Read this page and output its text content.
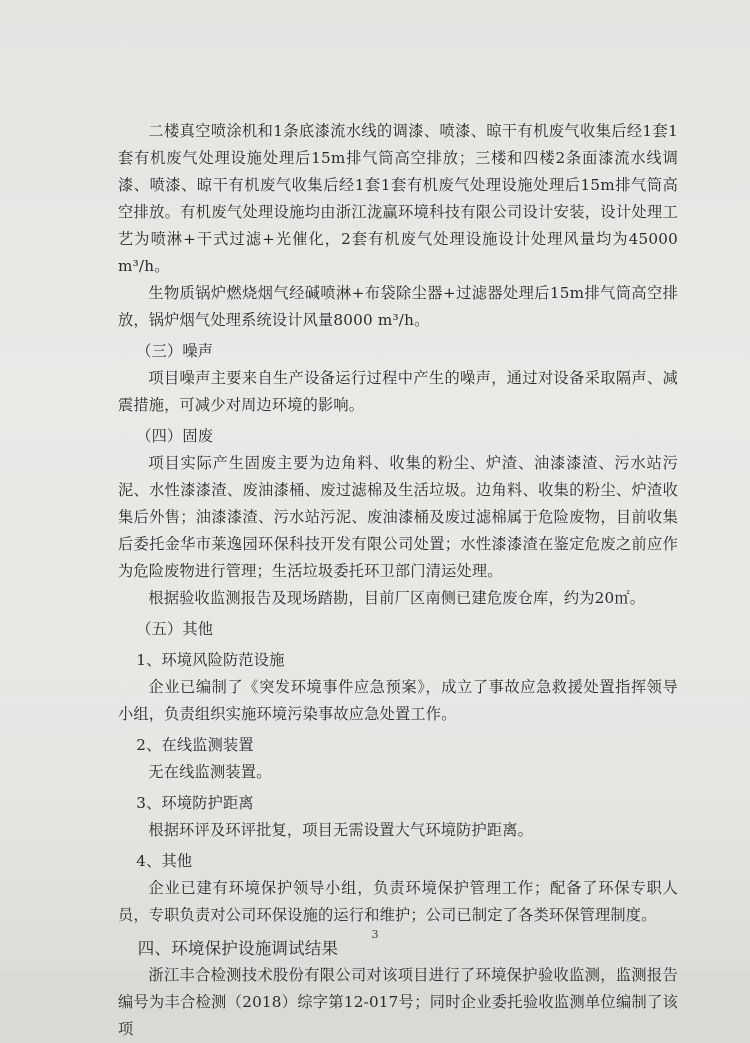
二楼真空喷涂机和1条底漆流水线的调漆、喷漆、晾干有机废气收集后经1套1套有机废气处理设施处理后15m排气筒高空排放；三楼和四楼2条面漆流水线调漆、喷漆、晾干有机废气收集后经1套1套有机废气处理设施处理后15m排气筒高空排放。有机废气处理设施均由浙江泷赢环境科技有限公司设计安装，设计处理工艺为喷淋+干式过滤+光催化，2套有机废气处理设施设计处理风量均为45000 m³/h。

生物质锅炉燃烧烟气经碱喷淋+布袋除尘器+过滤器处理后15m排气筒高空排放，锅炉烟气处理系统设计风量8000 m³/h。

（三）噪声

项目噪声主要来自生产设备运行过程中产生的噪声，通过对设备采取隔声、减震措施，可减少对周边环境的影响。

（四）固废

项目实际产生固废主要为边角料、收集的粉尘、炉渣、油漆漆渣、污水站污泥、水性漆漆渣、废油漆桶、废过滤棉及生活垃圾。边角料、收集的粉尘、炉渣收集后外售；油漆漆渣、污水站污泥、废油漆桶及废过滤棉属于危险废物，目前收集后委托金华市莱逸园环保科技开发有限公司处置；水性漆漆渣在鉴定危废之前应作为危险废物进行管理；生活垃圾委托环卫部门清运处理。

根据验收监测报告及现场踏勘，目前厂区南侧已建危废仓库，约为20㎡。

（五）其他

1、环境风险防范设施

企业已编制了《突发环境事件应急预案》，成立了事故应急救援处置指挥领导小组，负责组织实施环境污染事故应急处置工作。

2、在线监测装置

无在线监测装置。

3、环境防护距离

根据环评及环评批复，项目无需设置大气环境防护距离。

4、其他

企业已建有环境保护领导小组，负责环境保护管理工作；配备了环保专职人员，专职负责对公司环保设施的运行和维护；公司已制定了各类环保管理制度。

四、环境保护设施调试结果

浙江丰合检测技术股份有限公司对该项目进行了环境保护验收监测，监测报告编号为丰合检测（2018）综字第12-017号；同时企业委托验收监测单位编制了该项

3
